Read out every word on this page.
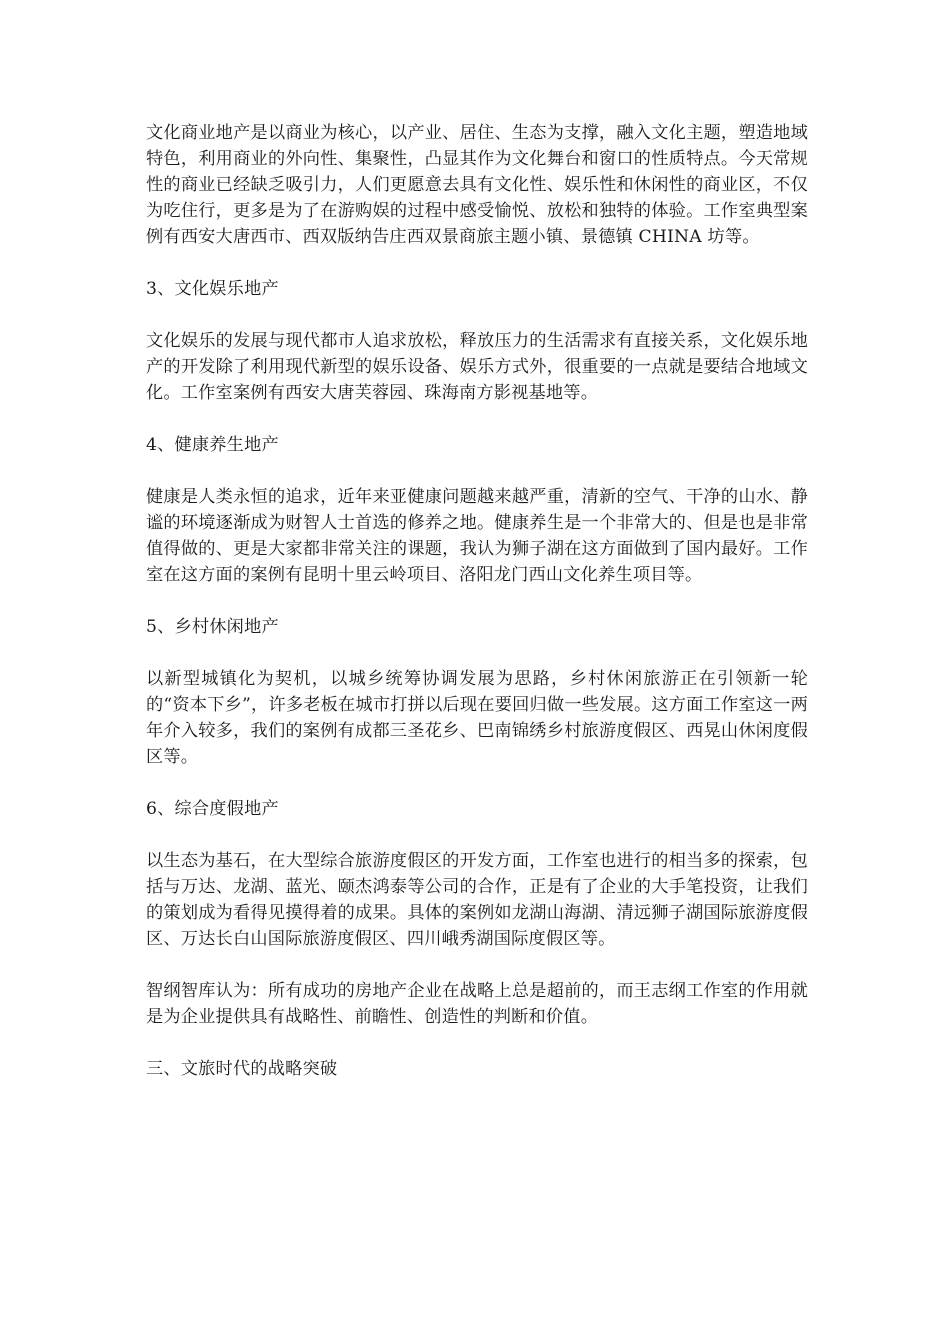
文化商业地产是以商业为核心，以产业、居住、生态为支撑，融入文化主题，塑造地域特色，利用商业的外向性、集聚性，凸显其作为文化舞台和窗口的性质特点。今天常规性的商业已经缺乏吸引力，人们更愿意去具有文化性、娱乐性和休闲性的商业区，不仅为吃住行，更多是为了在游购娱的过程中感受愉悦、放松和独特的体验。工作室典型案例有西安大唐西市、西双版纳告庄西双景商旅主题小镇、景德镇 CHINA 坊等。

3、文化娱乐地产

文化娱乐的发展与现代都市人追求放松，释放压力的生活需求有直接关系，文化娱乐地产的开发除了利用现代新型的娱乐设备、娱乐方式外，很重要的一点就是要结合地域文化。工作室案例有西安大唐芙蓉园、珠海南方影视基地等。

4、健康养生地产

健康是人类永恒的追求，近年来亚健康问题越来越严重，清新的空气、干净的山水、静谧的环境逐渐成为财智人士首选的修养之地。健康养生是一个非常大的、但是也是非常值得做的、更是大家都非常关注的课题，我认为狮子湖在这方面做到了国内最好。工作室在这方面的案例有昆明十里云岭项目、洛阳龙门西山文化养生项目等。

5、乡村休闲地产

以新型城镇化为契机，以城乡统筹协调发展为思路，乡村休闲旅游正在引领新一轮的“资本下乡”，许多老板在城市打拼以后现在要回归做一些发展。这方面工作室这一两年介入较多，我们的案例有成都三圣花乡、巴南锦绣乡村旅游度假区、西晃山休闲度假区等。

6、综合度假地产

以生态为基石，在大型综合旅游度假区的开发方面，工作室也进行的相当多的探索，包括与万达、龙湖、蓝光、颐杰鸿泰等公司的合作，正是有了企业的大手笔投资，让我们的策划成为看得见摸得着的成果。具体的案例如龙湖山海湖、清远狮子湖国际旅游度假区、万达长白山国际旅游度假区、四川峨秀湖国际度假区等。

智纲智库认为：所有成功的房地产企业在战略上总是超前的，而王志纲工作室的作用就是为企业提供具有战略性、前瞻性、创造性的判断和价值。

三、文旅时代的战略突破
